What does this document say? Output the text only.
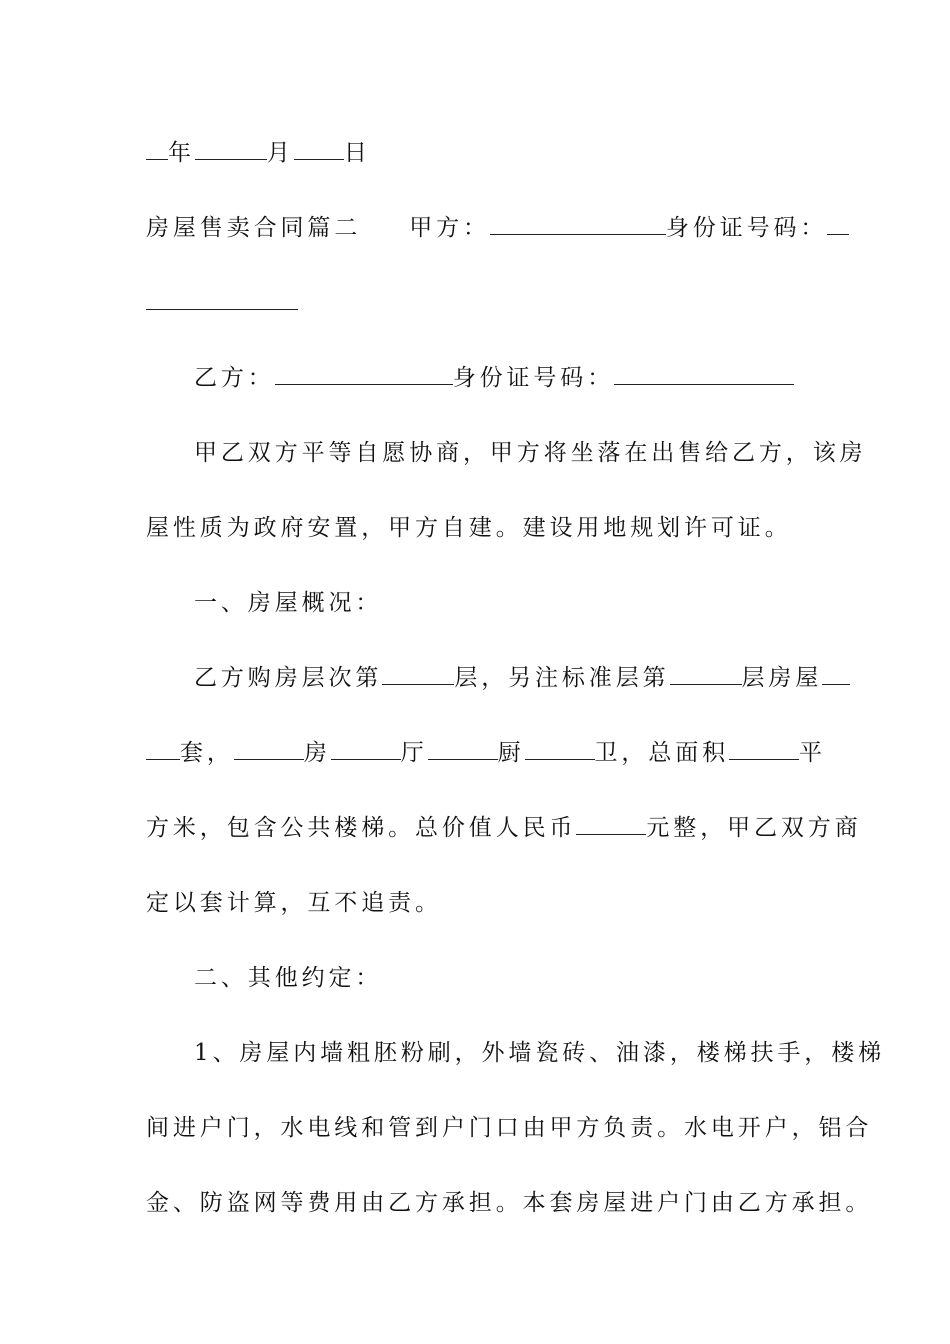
年	月 日
房屋售卖合同篇二 甲方：	身份证号码：
乙方：	身份证号码：
甲乙双方平等自愿协商，甲方将坐落在出售给乙方，该房
屋性质为政府安置，甲方自建。建设用地规划许可证。
一、房屋概况：
乙方购房层次第	层，另注标准层第	层房屋
套，	房	厅	厨	卫，总面积	平
方米，包含公共楼梯。总价值人民币	元整，甲乙双方商
定以套计算，互不追责。
二、其他约定：
1、房屋内墙粗胚粉刷，外墙瓷砖、油漆，楼梯扶手，楼梯
间进户门，水电线和管到户门口由甲方负责。水电开户，铝合
金、防盗网等费用由乙方承担。本套房屋进户门由乙方承担。
